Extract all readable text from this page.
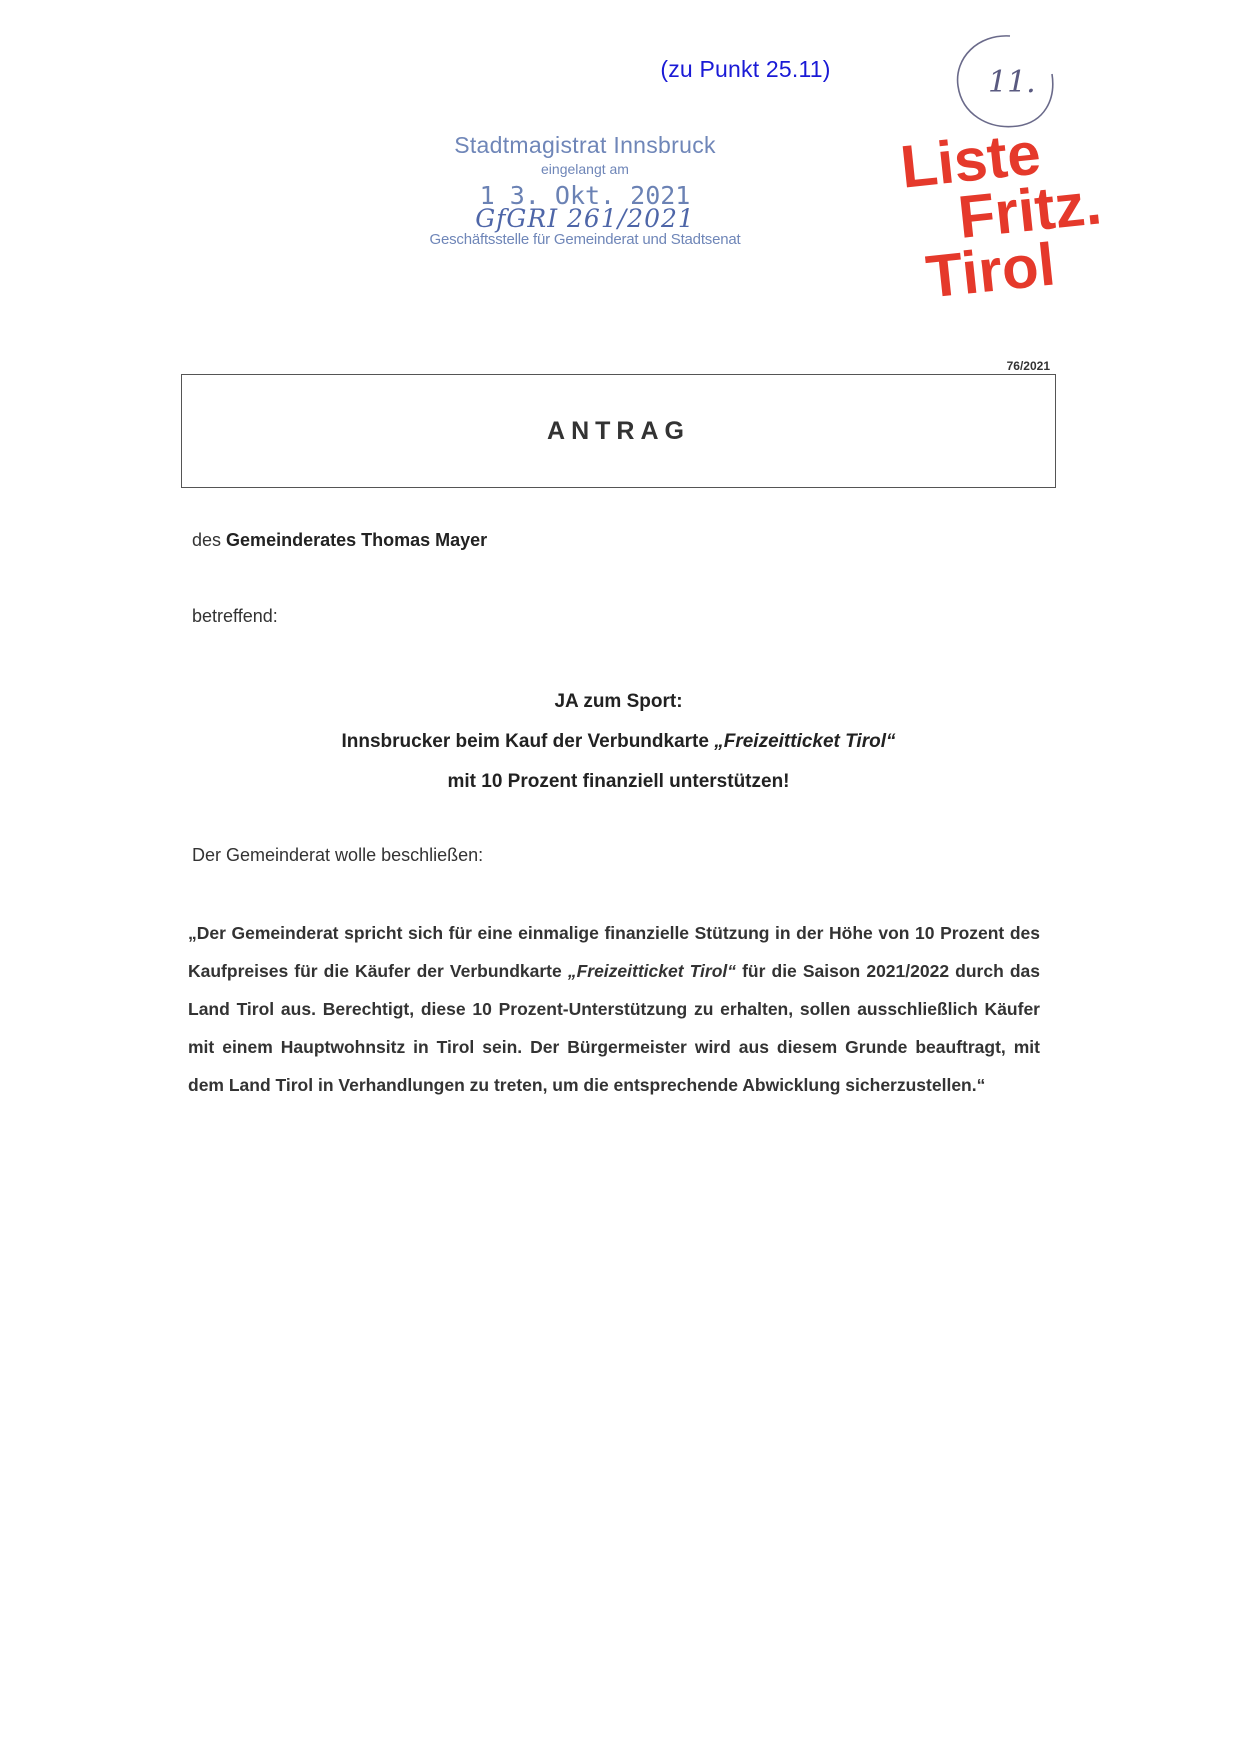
(zu Punkt 25.11)	11.
Stadtmagistrat Innsbruck
eingelangt am
1 3. Okt. 2021
GfGRI 261/2021
Geschäftsstelle für Gemeinderat und Stadtsenat
Liste
Fritz.
Tirol
76/2021
ANTRAG
des Gemeinderates Thomas Mayer
betreffend:
JA zum Sport:
Innsbrucker beim Kauf der Verbundkarte „Freizeitticket Tirol“
mit 10 Prozent finanziell unterstützen!
Der Gemeinderat wolle beschließen:
„Der Gemeinderat spricht sich für eine einmalige finanzielle Stützung in der Höhe von 10 Prozent des Kaufpreises für die Käufer der Verbundkarte „Freizeitticket Tirol“ für die Saison 2021/2022 durch das Land Tirol aus. Berechtigt, diese 10 Prozent-Unterstützung zu erhalten, sollen ausschließlich Käufer mit einem Hauptwohnsitz in Tirol sein. Der Bürgermeister wird aus diesem Grunde beauftragt, mit dem Land Tirol in Verhandlungen zu treten, um die entsprechende Abwicklung sicherzustellen.“
